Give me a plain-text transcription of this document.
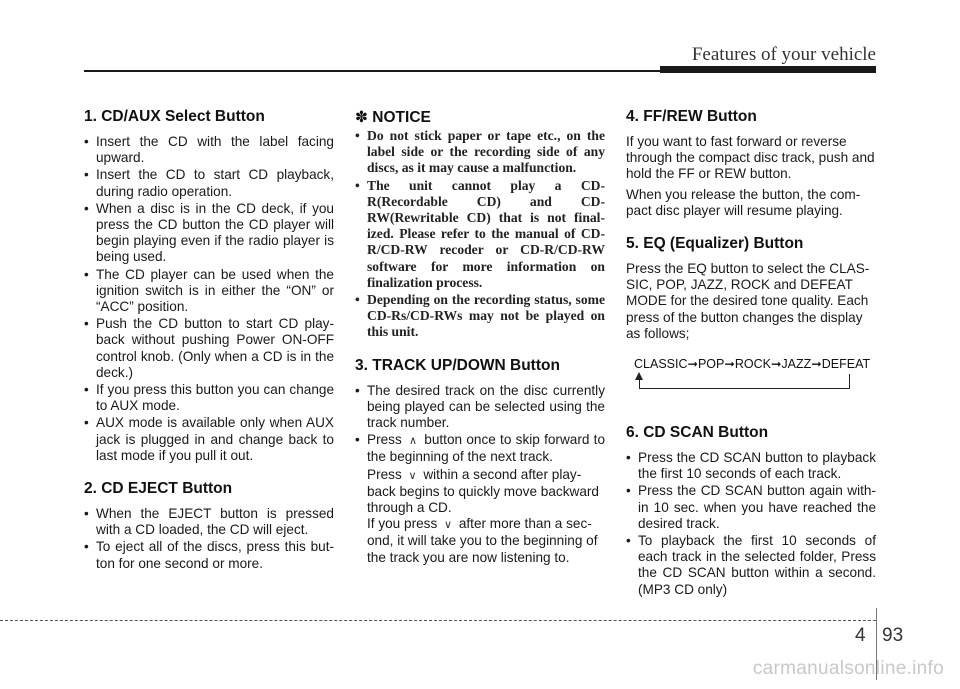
Features of your vehicle
1. CD/AUX Select Button
• Insert the CD with the label facing upward.
• Insert the CD to start CD playback, during radio operation.
• When a disc is in the CD deck, if you press the CD button the CD player will begin playing even if the radio player is being used.
• The CD player can be used when the ignition switch is in either the “ON” or “ACC” position.
• Push the CD button to start CD play-back without pushing Power ON-OFF control knob. (Only when a CD is in the deck.)
• If you press this button you can change to AUX mode.
• AUX mode is available only when AUX jack is plugged in and change back to last mode if you pull it out.
2. CD EJECT Button
• When the EJECT button is pressed with a CD loaded, the CD will eject.
• To eject all of the discs, press this but-ton for one second or more.
✽ NOTICE
• Do not stick paper or tape etc., on the label side or the recording side of any discs, as it may cause a malfunction.
• The unit cannot play a CD-R(Recordable CD) and CD-RW(Rewritable CD) that is not final-ized. Please refer to the manual of CD-R/CD-RW recoder or CD-R/CD-RW software for more information on finalization process.
• Depending on the recording status, some CD-Rs/CD-RWs may not be played on this unit.
3. TRACK UP/DOWN Button
• The desired track on the disc currently being played can be selected using the track number.
• Press ∧ button once to skip forward to the beginning of the next track.

Press ∨ within a second after play-back begins to quickly move backward through a CD.

If you press ∨ after more than a sec-ond, it will take you to the beginning of the track you are now listening to.

4. FF/REW Button

If you want to fast forward or reverse through the compact disc track, push and hold the FF or REW button.

When you release the button, the com-pact disc player will resume playing.

5. EQ (Equalizer) Button

Press the EQ button to select the CLAS-SIC, POP, JAZZ, ROCK and DEFEAT MODE for the desired tone quality. Each press of the button changes the display as follows;

CLASSIC➞POP➞ROCK➞JAZZ➞DEFEAT
6. CD SCAN Button
• Press the CD SCAN button to playback the first 10 seconds of each track.
• Press the CD SCAN button again with-in 10 sec. when you have reached the desired track.
• To playback the first 10 seconds of each track in the selected folder, Press the CD SCAN button within a second. (MP3 CD only)
4 93
carmanualsonline.info
